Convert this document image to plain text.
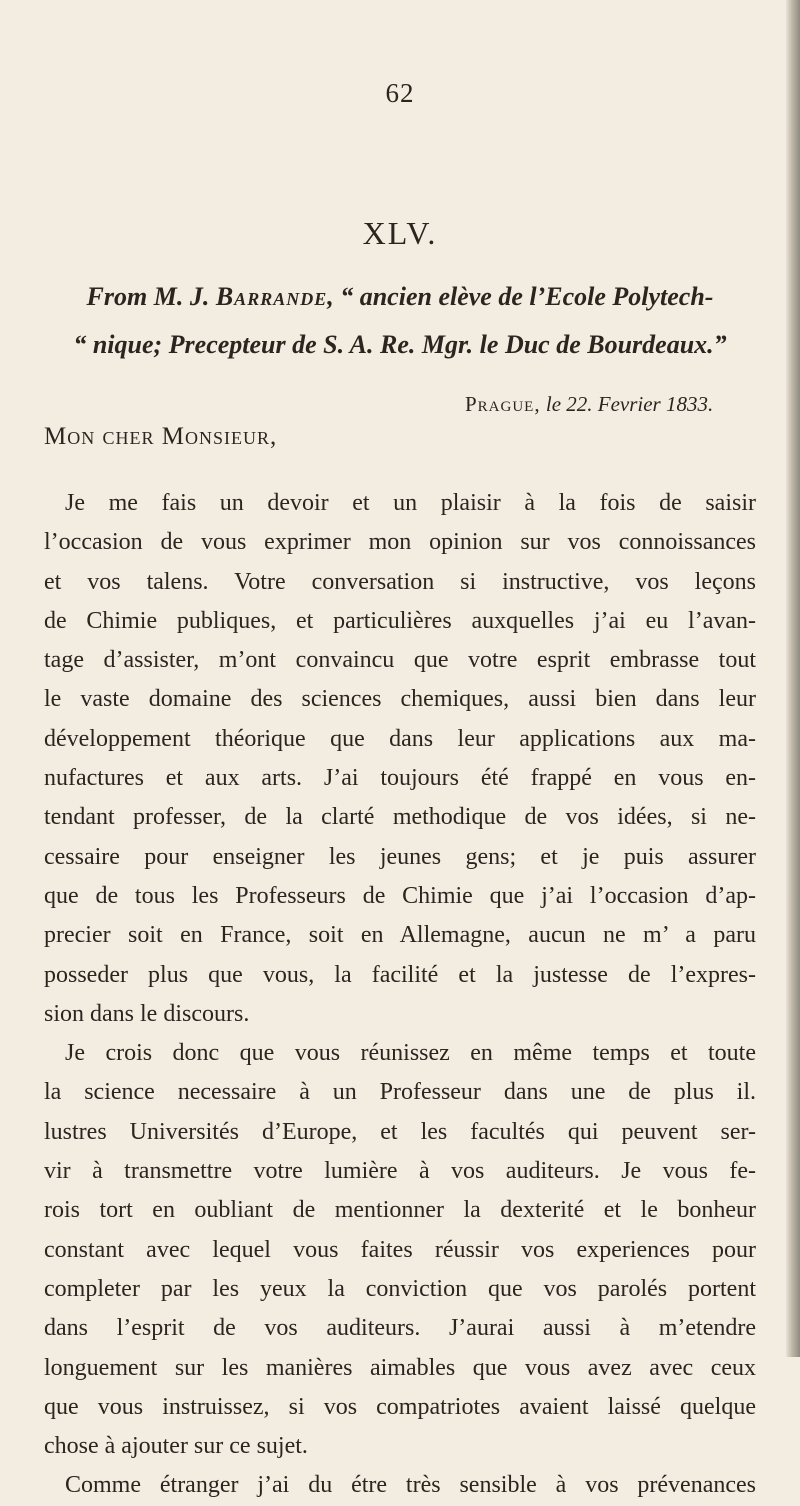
62
XLV.
From M. J. Barrande, “ ancien elève de l’Ecole Polytech-
“ nique; Precepteur de S. A. Re. Mgr. le Duc de Bourdeaux.”
Prague, le 22. Fevrier 1833.
Mon cher Monsieur,
Je me fais un devoir et un plaisir à la fois de saisir
l’occasion de vous exprimer mon opinion sur vos connoissances
et vos talens. Votre conversation si instructive, vos leçons
de Chimie publiques, et particulières auxquelles j’ai eu l’avan-
tage d’assister, m’ont convaincu que votre esprit embrasse tout
le vaste domaine des sciences chemiques, aussi bien dans leur
développement théorique que dans leur applications aux ma-
nufactures et aux arts. J’ai toujours été frappé en vous en-
tendant professer, de la clarté methodique de vos idées, si ne-
cessaire pour enseigner les jeunes gens; et je puis assurer
que de tous les Professeurs de Chimie que j’ai l’occasion d’ap-
precier soit en France, soit en Allemagne, aucun ne m’ a paru
posseder plus que vous, la facilité et la justesse de l’expres-
sion dans le discours.
Je crois donc que vous réunissez en même temps et toute
la science necessaire à un Professeur dans une de plus il.
lustres Universités d’Europe, et les facultés qui peuvent ser-
vir à transmettre votre lumière à vos auditeurs. Je vous fe-
rois tort en oubliant de mentionner la dexterité et le bonheur
constant avec lequel vous faites réussir vos experiences pour
completer par les yeux la conviction que vos parolés portent
dans l’esprit de vos auditeurs. J’aurai aussi à m’etendre
longuement sur les manières aimables que vous avez avec ceux
que vous instruissez, si vos compatriotes avaient laissé quelque
chose à ajouter sur ce sujet.
Comme étranger j’ai du étre très sensible à vos prévenances
